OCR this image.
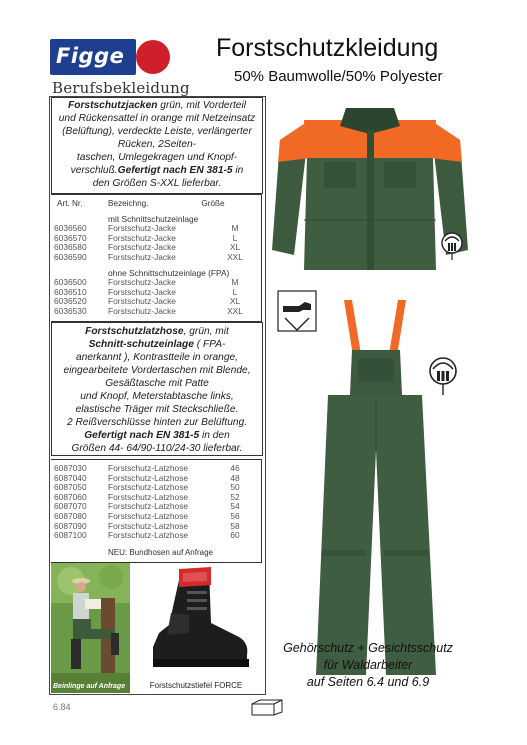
Figge
Berufsbekleidung
Forstschutzkleidung
50% Baumwolle/50% Polyester
Forstschutzjacken grün, mit Vorderteil
und Rückensattel in orange mit Netzeinsatz
(Belüftung), verdeckte Leiste, verlängerter
Rücken, 2Seiten-
taschen, Umlegekragen und Knopf-
verschluß.Gefertigt nach EN 381-5 in
den Größen S-XXL lieferbar.
Art. Nr.	Bezeichng.	Größe
mit Schnittschutzeinlage
6036560	Forstschutz-Jacke	M
6036570	Forstschutz-Jacke	L
6036580	Forstschutz-Jacke	XL
6036590	Forstschutz-Jacke	XXL
ohne Schnittschutzeinlage (FPA)
6036500	Forstschutz-Jacke	M
6036510	Forstschutz-Jacke	L
6036520	Forstschutz-Jacke	XL
6036530	Forstschutz-Jacke	XXL
Forstschutzlatzhose, grün, mit
Schnitt-schutzeinlage ( FPA-
anerkannt ), Kontrastteile in orange,
eingearbeitete Vordertaschen mit Blende,
Gesäßtasche mit Patte
und Knopf, Meterstabtasche links,
elastische Träger mit Steckschließe.
2 Reißverschlüsse hinten zur Belüftung.
Gefertigt nach EN 381-5 in den
Größen 44- 64/90-110/24-30 lieferbar.
6087030	Forstschutz-Latzhose	46
6087040	Forstschutz-Latzhose	48
6087050	Forstschutz-Latzhose	50
6087060	Forstschutz-Latzhose	52
6087070	Forstschutz-Latzhose	54
6087080	Forstschutz-Latzhose	56
6087090	Forstschutz-Latzhose	58
6087100	Forstschutz-Latzhose	60
NEU: Bundhosen auf Anfrage
Beinlinge auf Anfrage	Forstschutzstiefel FORCE
Gehörschutz + Gesichtsschutz
für Waldarbeiter
auf Seiten 6.4 und 6.9
6.84
